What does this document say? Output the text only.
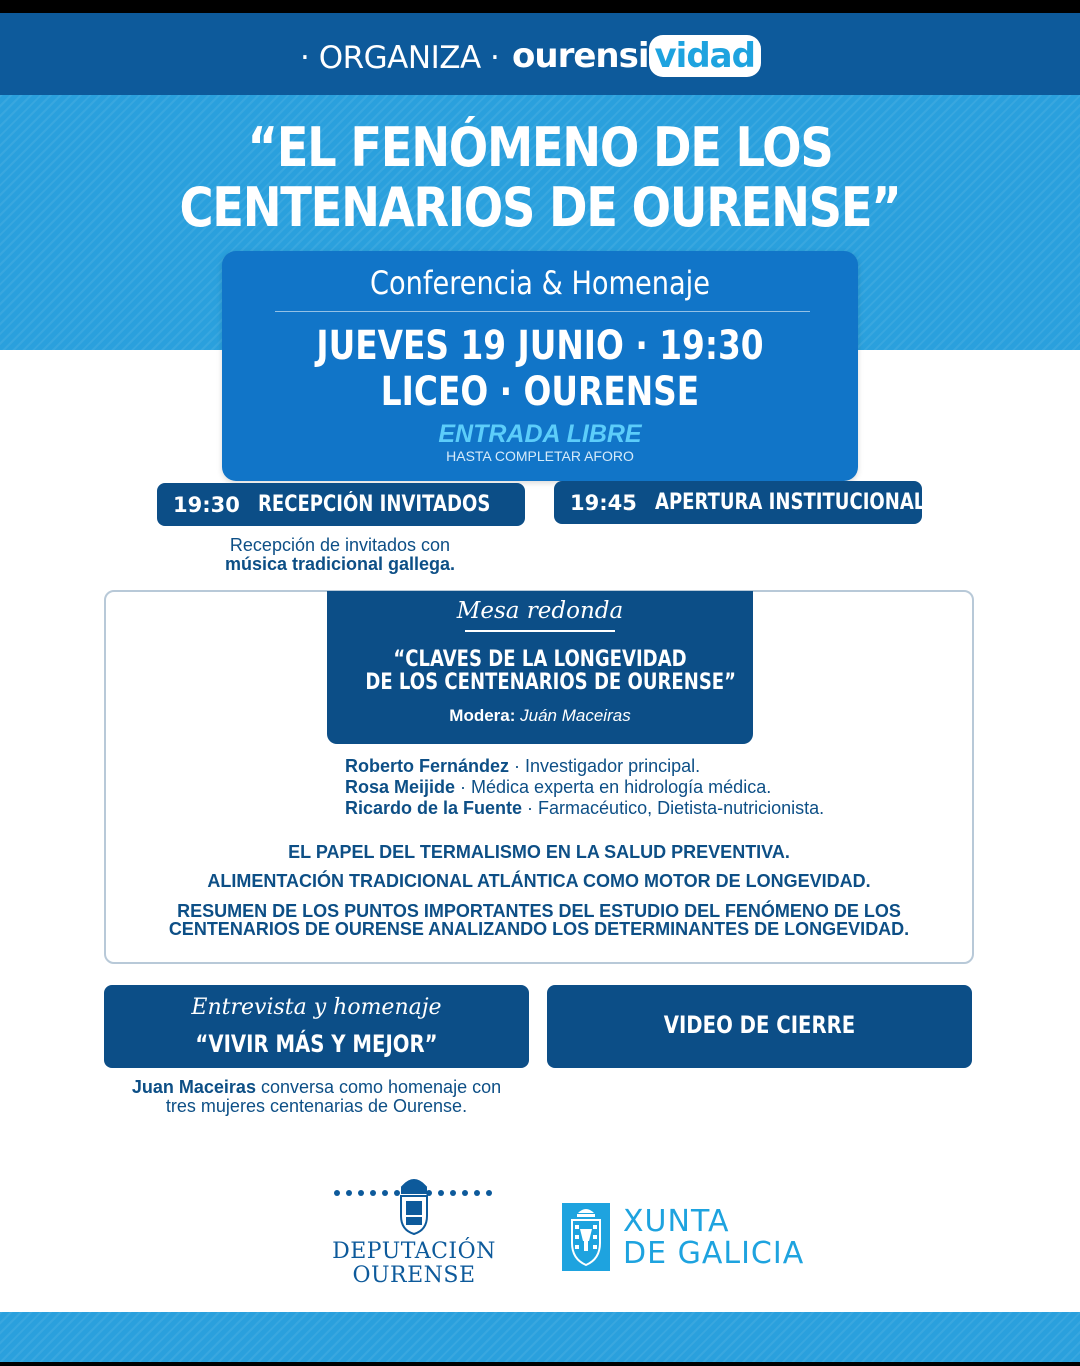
· ORGANIZA · ourensi vidad
“EL FENÓMENO DE LOS
CENTENARIOS DE OURENSE”
Conferencia & Homenaje
JUEVES 19 JUNIO · 19:30
LICEO · OURENSE
ENTRADA LIBRE
HASTA COMPLETAR AFORO
19:30 RECEPCIÓN INVITADOS	19:45 APERTURA INSTITUCIONAL
Recepción de invitados con
música tradicional gallega.
Mesa redonda
“CLAVES DE LA LONGEVIDAD
DE LOS CENTENARIOS DE OURENSE”
Modera: Juán Maceiras
Roberto Fernández · Investigador principal.
Rosa Meijide · Médica experta en hidrología médica.
Ricardo de la Fuente · Farmacéutico, Dietista-nutricionista.
EL PAPEL DEL TERMALISMO EN LA SALUD PREVENTIVA.
ALIMENTACIÓN TRADICIONAL ATLÁNTICA COMO MOTOR DE LONGEVIDAD.
RESUMEN DE LOS PUNTOS IMPORTANTES DEL ESTUDIO DEL FENÓMENO DE LOS
CENTENARIOS DE OURENSE ANALIZANDO LOS DETERMINANTES DE LONGEVIDAD.
Entrevista y homenaje
“VIVIR MÁS Y MEJOR”
VIDEO DE CIERRE
Juan Maceiras conversa como homenaje con
tres mujeres centenarias de Ourense.
DEPUTACIÓN
OURENSE
XUNTA
DE GALICIA
